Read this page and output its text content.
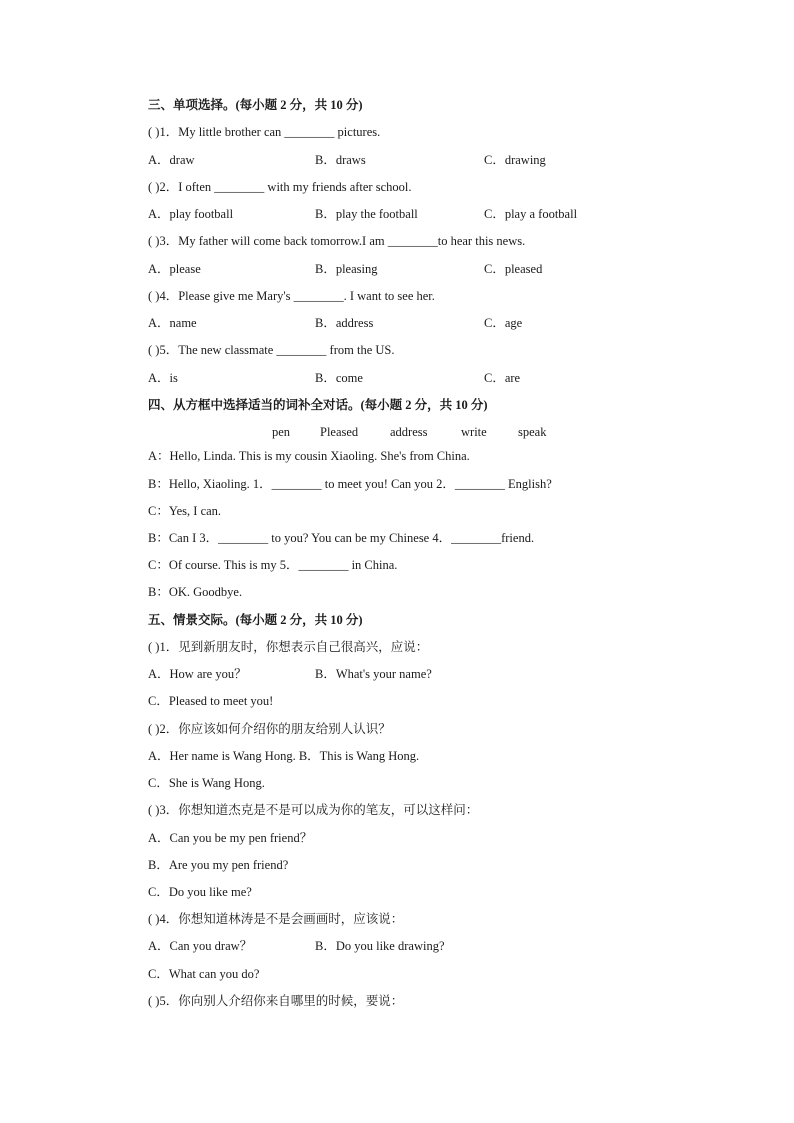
三、单项选择。(每小题 2 分，共 10 分)
( )1．My little brother can ________ pictures.
A．draw	B．draws	C．drawing
( )2．I often ________ with my friends after school.
A．play football	B．play the football	C．play a football
( )3．My father will come back tomorrow.I am ________to hear this news.
A．please	B．pleasing	C．pleased
( )4．Please give me Mary's ________. I want to see her.
A．name	B．address	C．age
( )5．The new classmate ________ from the US.
A．is	B．come	C．are
四、从方框中选择适当的词补全对话。(每小题 2 分，共 10 分)
pen Pleased	address	write	speak
A：Hello, Linda. This is my cousin Xiaoling. She's from China.
B：Hello, Xiaoling. 1．________ to meet you! Can you 2．________ English?
C：Yes, I can.
B：Can I 3．________ to you? You can be my Chinese 4．________friend.
C：Of course. This is my 5．________ in China.
B：OK. Goodbye.
五、情景交际。(每小题 2 分，共 10 分)
( )1．见到新朋友时，你想表示自己很高兴，应说：
A．How are you？	B．What's your name?
C．Pleased to meet you!
( )2．你应该如何介绍你的朋友给别人认识？
A．Her name is Wang Hong. B．This is Wang Hong.
C．She is Wang Hong.
( )3．你想知道杰克是不是可以成为你的笔友，可以这样问：
A．Can you be my pen friend？
B．Are you my pen friend?
C．Do you like me?
( )4．你想知道林涛是不是会画画时，应该说：
A．Can you draw？	B．Do you like drawing?
C．What can you do?
( )5．你向别人介绍你来自哪里的时候，要说：
